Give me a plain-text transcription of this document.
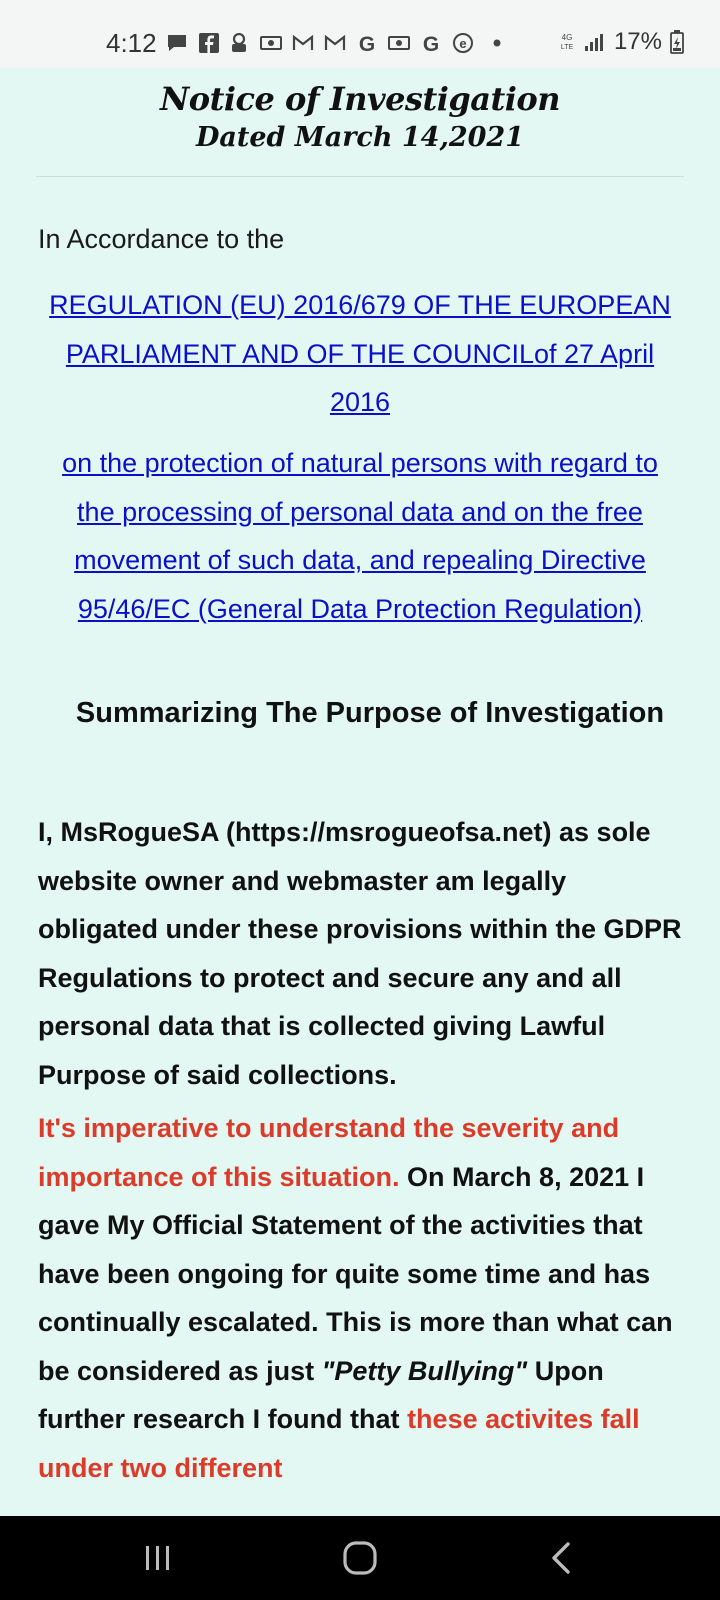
4:12	G G e	4G
LTE 17%
Notice of Investigation
Dated March 14,2021
In Accordance to the
REGULATION (EU) 2016/679 OF THE EUROPEAN PARLIAMENT AND OF THE COUNCILof 27 April 2016
on the protection of natural persons with regard to the processing of personal data and on the free movement of such data, and repealing Directive 95/46/EC (General Data Protection Regulation)
Summarizing The Purpose of Investigation
I, MsRogueSA (https://msrogueofsa.net) as sole website owner and webmaster am legally obligated under these provisions within the GDPR Regulations to protect and secure any and all personal data that is collected giving Lawful Purpose of said collections.
It's imperative to understand the severity and importance of this situation. On March 8, 2021 I gave My Official Statement of the activities that have been ongoing for quite some time and has continually escalated. This is more than what can be considered as just "Petty Bullying" Upon further research I found that these activites fall under two different
